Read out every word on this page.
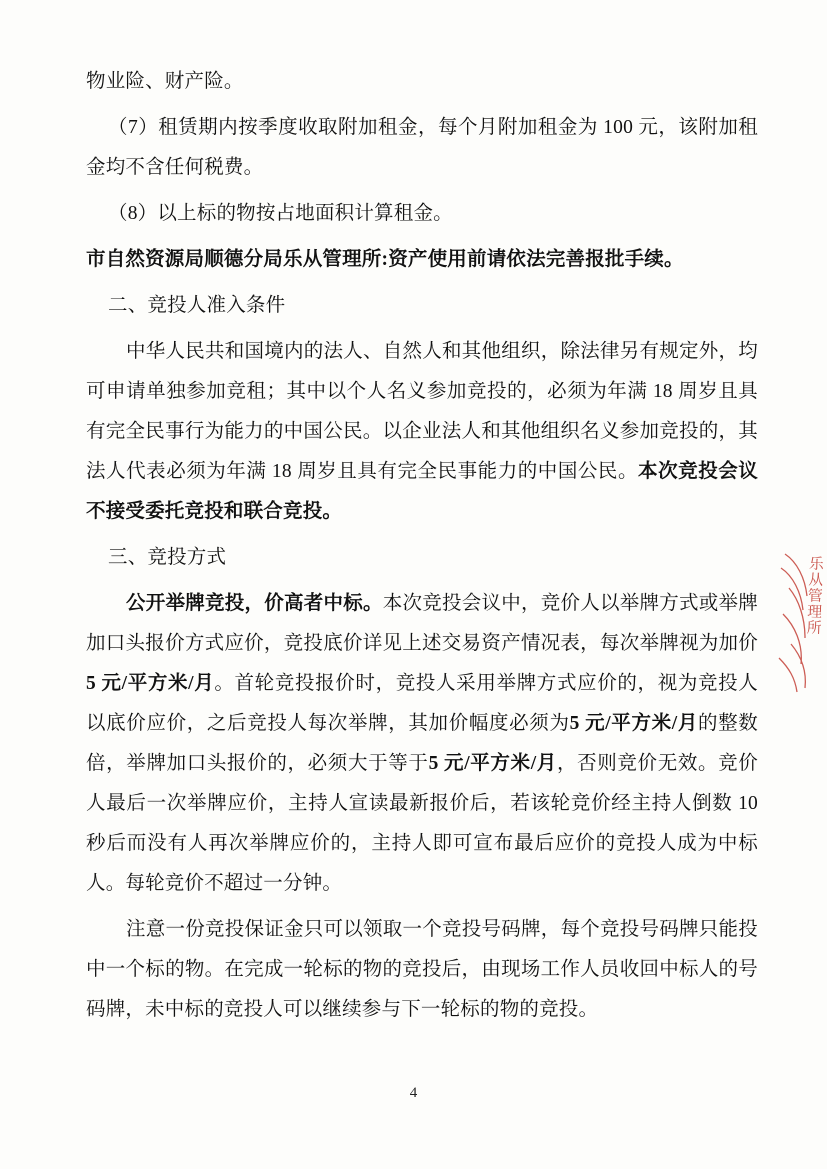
物业险、财产险。

（7）租赁期内按季度收取附加租金，每个月附加租金为 100 元，该附加租金均不含任何税费。

（8）以上标的物按占地面积计算租金。

市自然资源局顺德分局乐从管理所:资产使用前请依法完善报批手续。

二、竞投人准入条件

中华人民共和国境内的法人、自然人和其他组织，除法律另有规定外，均可申请单独参加竞租；其中以个人名义参加竞投的，必须为年满 18 周岁且具有完全民事行为能力的中国公民。以企业法人和其他组织名义参加竞投的，其法人代表必须为年满 18 周岁且具有完全民事能力的中国公民。本次竞投会议不接受委托竞投和联合竞投。

三、竞投方式

公开举牌竞投，价高者中标。本次竞投会议中，竞价人以举牌方式或举牌加口头报价方式应价，竞投底价详见上述交易资产情况表，每次举牌视为加价5 元/平方米/月。首轮竞投报价时，竞投人采用举牌方式应价的，视为竞投人以底价应价，之后竞投人每次举牌，其加价幅度必须为5 元/平方米/月的整数倍，举牌加口头报价的，必须大于等于5 元/平方米/月，否则竞价无效。竞价人最后一次举牌应价，主持人宣读最新报价后，若该轮竞价经主持人倒数 10 秒后而没有人再次举牌应价的，主持人即可宣布最后应价的竞投人成为中标人。每轮竞价不超过一分钟。

注意一份竞投保证金只可以领取一个竞投号码牌，每个竞投号码牌只能投中一个标的物。在完成一轮标的物的竞投后，由现场工作人员收回中标人的号码牌，未中标的竞投人可以继续参与下一轮标的物的竞投。

乐从管理所
4
